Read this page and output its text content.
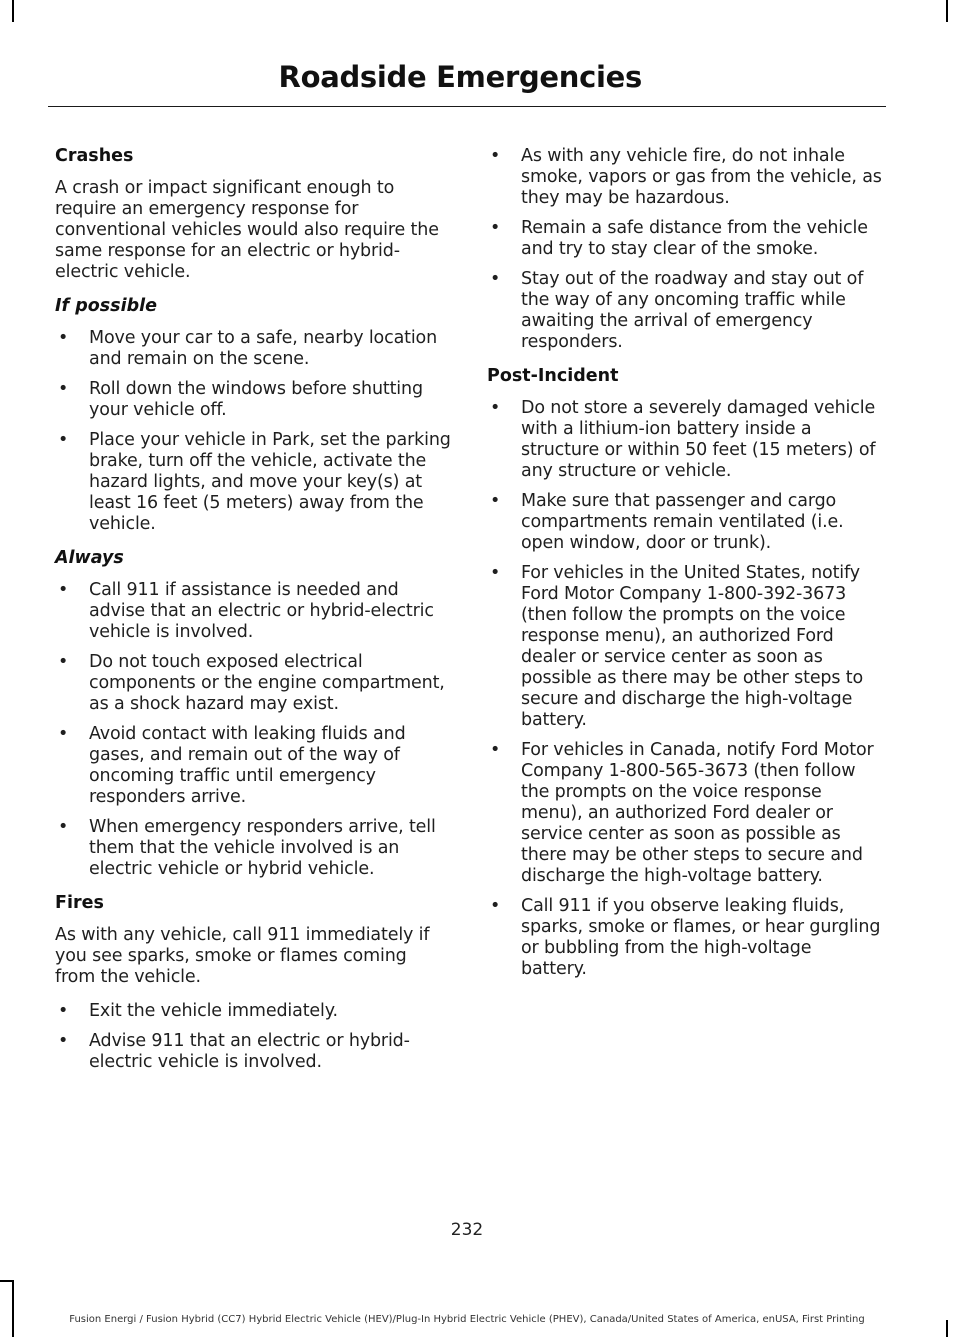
Roadside Emergencies
Crashes

A crash or impact significant enough to require an emergency response for conventional vehicles would also require the same response for an electric or hybrid-electric vehicle.

If possible
• Move your car to a safe, nearby location and remain on the scene.
• Roll down the windows before shutting your vehicle off.
• Place your vehicle in Park, set the parking brake, turn off the vehicle, activate the hazard lights, and move your key(s) at least 16 feet (5 meters) away from the vehicle.
Always
• Call 911 if assistance is needed and advise that an electric or hybrid-electric vehicle is involved.
• Do not touch exposed electrical components or the engine compartment, as a shock hazard may exist.
• Avoid contact with leaking fluids and gases, and remain out of the way of oncoming traffic until emergency responders arrive.
• When emergency responders arrive, tell them that the vehicle involved is an electric vehicle or hybrid vehicle.
Fires

As with any vehicle, call 911 immediately if you see sparks, smoke or flames coming from the vehicle.

• Exit the vehicle immediately.
• Advise 911 that an electric or hybrid-electric vehicle is involved.
• As with any vehicle fire, do not inhale smoke, vapors or gas from the vehicle, as they may be hazardous.
• Remain a safe distance from the vehicle and try to stay clear of the smoke.
• Stay out of the roadway and stay out of the way of any oncoming traffic while awaiting the arrival of emergency responders.
Post-Incident
• Do not store a severely damaged vehicle with a lithium-ion battery inside a structure or within 50 feet (15 meters) of any structure or vehicle.
• Make sure that passenger and cargo compartments remain ventilated (i.e. open window, door or trunk).
• For vehicles in the United States, notify Ford Motor Company 1-800-392-3673 (then follow the prompts on the voice response menu), an authorized Ford dealer or service center as soon as possible as there may be other steps to secure and discharge the high-voltage battery.
• For vehicles in Canada, notify Ford Motor Company 1-800-565-3673 (then follow the prompts on the voice response menu), an authorized Ford dealer or service center as soon as possible as there may be other steps to secure and discharge the high-voltage battery.
• Call 911 if you observe leaking fluids, sparks, smoke or flames, or hear gurgling or bubbling from the high-voltage battery.
232
Fusion Energi / Fusion Hybrid (CC7) Hybrid Electric Vehicle (HEV)/Plug-In Hybrid Electric Vehicle (PHEV), Canada/United States of America, enUSA, First Printing
